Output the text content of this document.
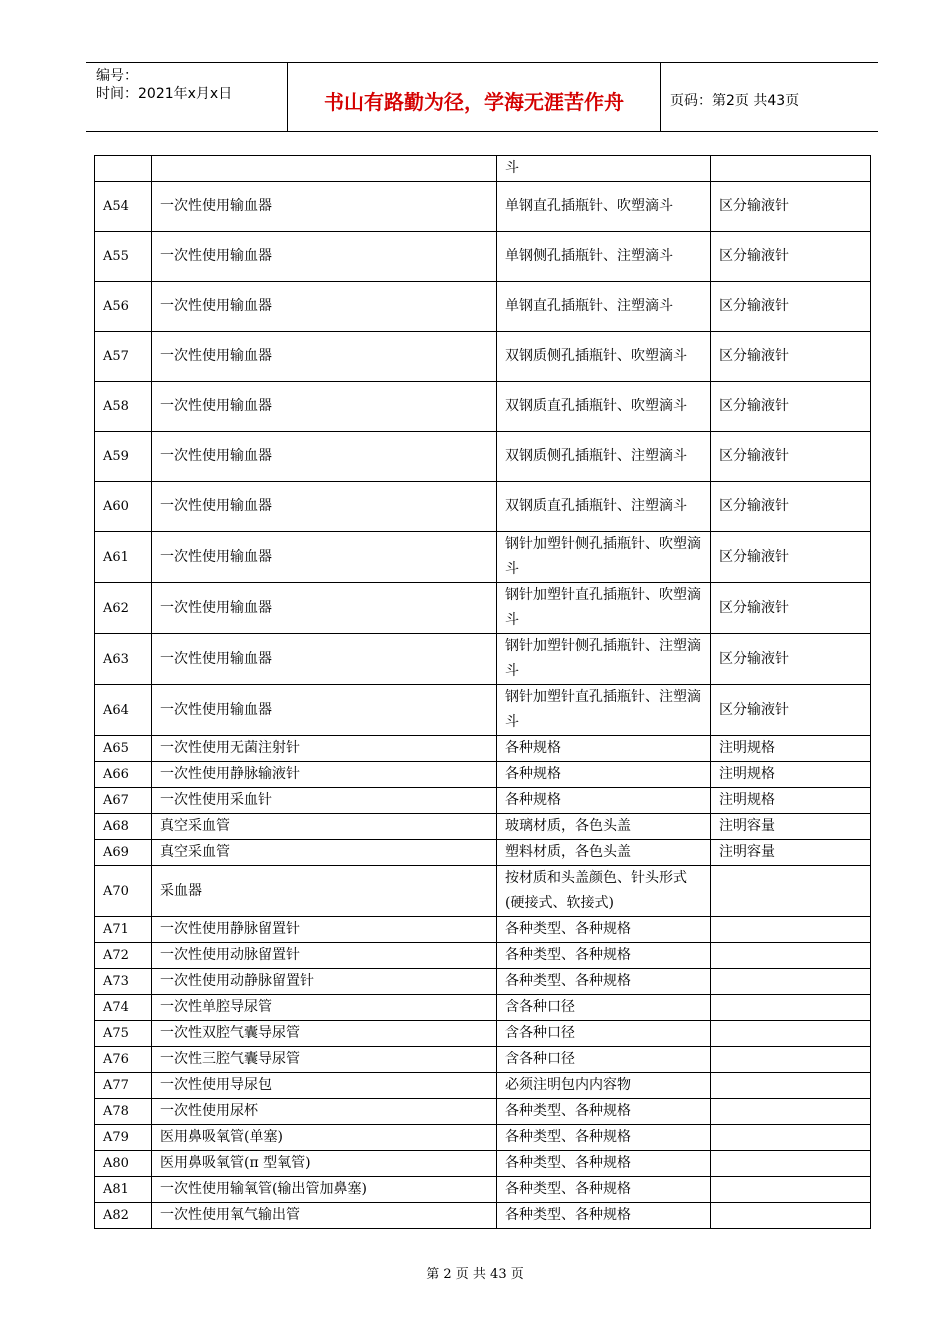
编号：
时间：2021年x月x日	书山有路勤为径，学海无涯苦作舟	页码：第2页 共43页
		斗	
A54	一次性使用输血器	单钢直孔插瓶针、吹塑滴斗	区分输液针
A55	一次性使用输血器	单钢侧孔插瓶针、注塑滴斗	区分输液针
A56	一次性使用输血器	单钢直孔插瓶针、注塑滴斗	区分输液针
A57	一次性使用输血器	双钢质侧孔插瓶针、吹塑滴斗	区分输液针
A58	一次性使用输血器	双钢质直孔插瓶针、吹塑滴斗	区分输液针
A59	一次性使用输血器	双钢质侧孔插瓶针、注塑滴斗	区分输液针
A60	一次性使用输血器	双钢质直孔插瓶针、注塑滴斗	区分输液针
A61	一次性使用输血器	钢针加塑针侧孔插瓶针、吹塑滴斗	区分输液针
A62	一次性使用输血器	钢针加塑针直孔插瓶针、吹塑滴斗	区分输液针
A63	一次性使用输血器	钢针加塑针侧孔插瓶针、注塑滴斗	区分输液针
A64	一次性使用输血器	钢针加塑针直孔插瓶针、注塑滴斗	区分输液针
A65	一次性使用无菌注射针	各种规格	注明规格
A66	一次性使用静脉输液针	各种规格	注明规格
A67	一次性使用采血针	各种规格	注明规格
A68	真空采血管	玻璃材质，各色头盖	注明容量
A69	真空采血管	塑料材质，各色头盖	注明容量
A70	采血器	按材质和头盖颜色、针头形式(硬接式、软接式)	
A71	一次性使用静脉留置针	各种类型、各种规格	
A72	一次性使用动脉留置针	各种类型、各种规格	
A73	一次性使用动静脉留置针	各种类型、各种规格	
A74	一次性单腔导尿管	含各种口径	
A75	一次性双腔气囊导尿管	含各种口径	
A76	一次性三腔气囊导尿管	含各种口径	
A77	一次性使用导尿包	必须注明包内内容物	
A78	一次性使用尿杯	各种类型、各种规格	
A79	医用鼻吸氧管(单塞)	各种类型、各种规格	
A80	医用鼻吸氧管(π 型氧管)	各种类型、各种规格	
A81	一次性使用输氧管(输出管加鼻塞)	各种类型、各种规格	
A82	一次性使用氧气输出管	各种类型、各种规格	
第 2 页 共 43 页
